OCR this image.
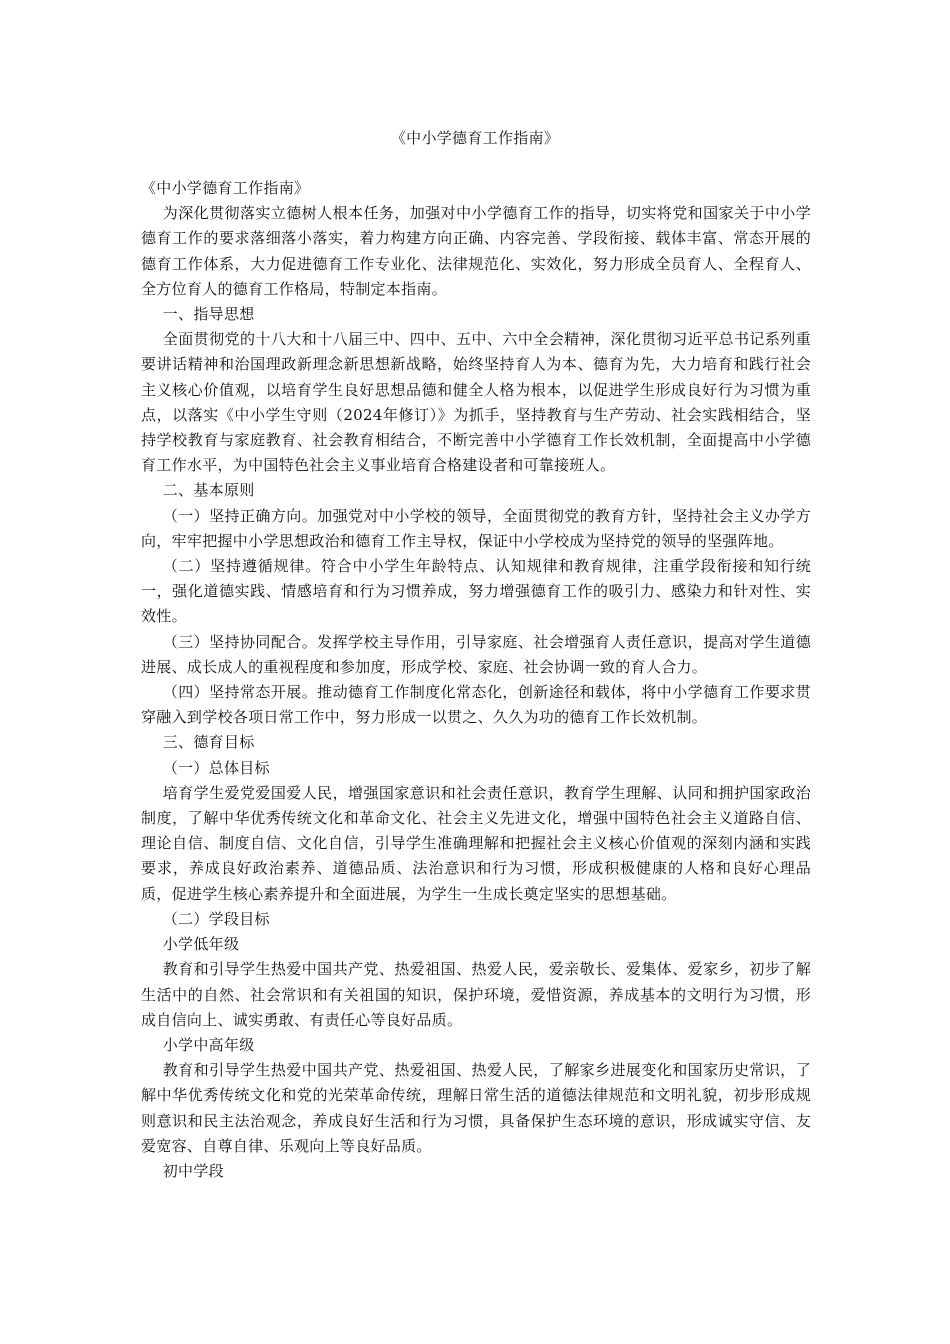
《中小学德育工作指南》

《中小学德育工作指南》

为深化贯彻落实立德树人根本任务，加强对中小学德育工作的指导，切实将党和国家关于中小学德育工作的要求落细落小落实，着力构建方向正确、内容完善、学段衔接、载体丰富、常态开展的德育工作体系，大力促进德育工作专业化、法律规范化、实效化，努力形成全员育人、全程育人、全方位育人的德育工作格局，特制定本指南。

一、指导思想

全面贯彻党的十八大和十八届三中、四中、五中、六中全会精神，深化贯彻习近平总书记系列重要讲话精神和治国理政新理念新思想新战略，始终坚持育人为本、德育为先，大力培育和践行社会主义核心价值观，以培育学生良好思想品德和健全人格为根本，以促进学生形成良好行为习惯为重点，以落实《中小学生守则（2024年修订）》为抓手，坚持教育与生产劳动、社会实践相结合，坚持学校教育与家庭教育、社会教育相结合，不断完善中小学德育工作长效机制，全面提高中小学德育工作水平，为中国特色社会主义事业培育合格建设者和可靠接班人。

二、基本原则

（一）坚持正确方向。加强党对中小学校的领导，全面贯彻党的教育方针，坚持社会主义办学方向，牢牢把握中小学思想政治和德育工作主导权，保证中小学校成为坚持党的领导的坚强阵地。

（二）坚持遵循规律。符合中小学生年龄特点、认知规律和教育规律，注重学段衔接和知行统一，强化道德实践、情感培育和行为习惯养成，努力增强德育工作的吸引力、感染力和针对性、实效性。

（三）坚持协同配合。发挥学校主导作用，引导家庭、社会增强育人责任意识，提高对学生道德进展、成长成人的重视程度和参加度，形成学校、家庭、社会协调一致的育人合力。

（四）坚持常态开展。推动德育工作制度化常态化，创新途径和载体，将中小学德育工作要求贯穿融入到学校各项日常工作中，努力形成一以贯之、久久为功的德育工作长效机制。

三、德育目标

（一）总体目标

培育学生爱党爱国爱人民，增强国家意识和社会责任意识，教育学生理解、认同和拥护国家政治制度，了解中华优秀传统文化和革命文化、社会主义先进文化，增强中国特色社会主义道路自信、理论自信、制度自信、文化自信，引导学生准确理解和把握社会主义核心价值观的深刻内涵和实践要求，养成良好政治素养、道德品质、法治意识和行为习惯，形成积极健康的人格和良好心理品质，促进学生核心素养提升和全面进展，为学生一生成长奠定坚实的思想基础。

（二）学段目标

小学低年级

教育和引导学生热爱中国共产党、热爱祖国、热爱人民，爱亲敬长、爱集体、爱家乡，初步了解生活中的自然、社会常识和有关祖国的知识，保护环境，爱惜资源，养成基本的文明行为习惯，形成自信向上、诚实勇敢、有责任心等良好品质。

小学中高年级

教育和引导学生热爱中国共产党、热爱祖国、热爱人民，了解家乡进展变化和国家历史常识，了解中华优秀传统文化和党的光荣革命传统，理解日常生活的道德法律规范和文明礼貌，初步形成规则意识和民主法治观念，养成良好生活和行为习惯，具备保护生态环境的意识，形成诚实守信、友爱宽容、自尊自律、乐观向上等良好品质。

初中学段
